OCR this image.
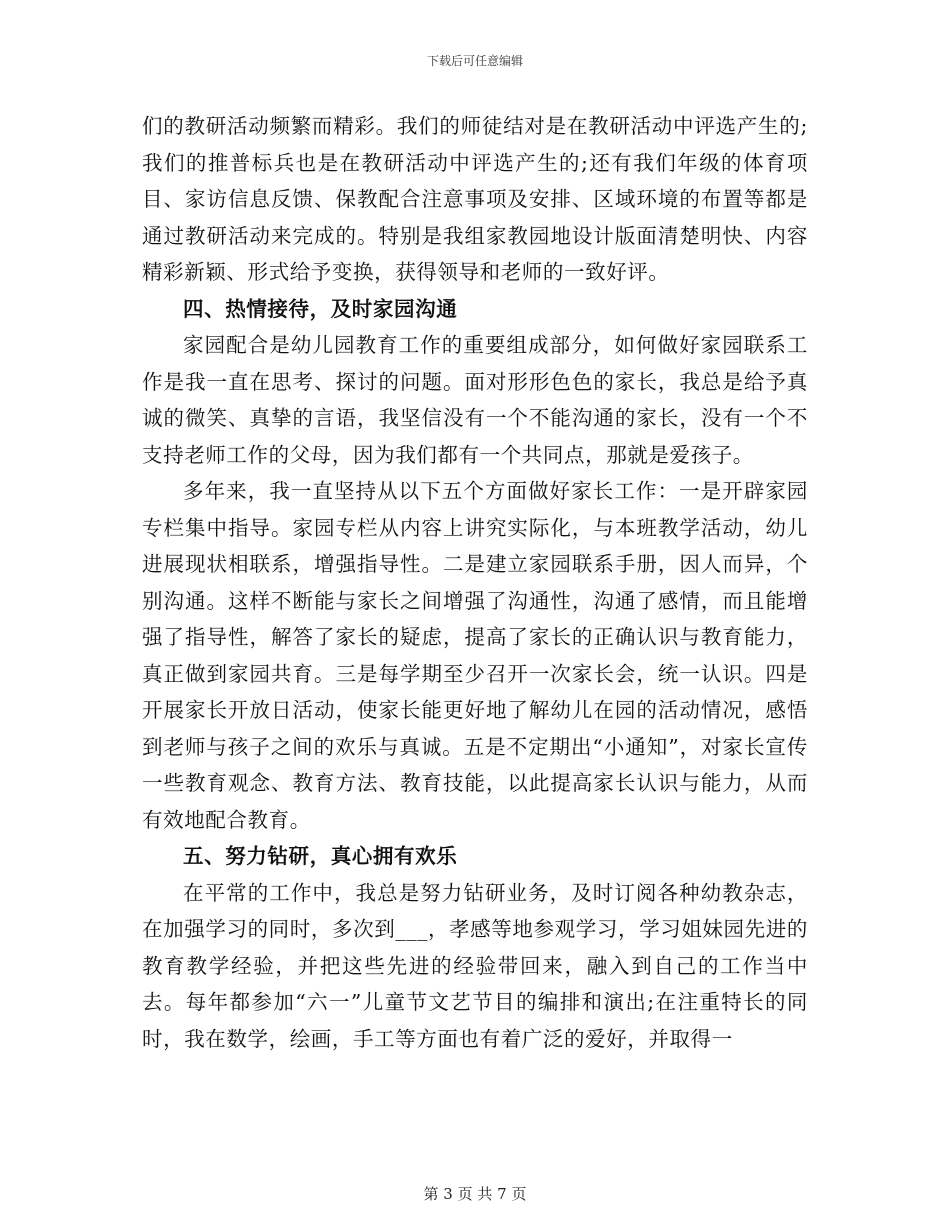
下载后可任意编辑

们的教研活动频繁而精彩。我们的师徒结对是在教研活动中评选产生的;我们的推普标兵也是在教研活动中评选产生的;还有我们年级的体育项目、家访信息反馈、保教配合注意事项及安排、区域环境的布置等都是通过教研活动来完成的。特别是我组家教园地设计版面清楚明快、内容精彩新颖、形式给予变换，获得领导和老师的一致好评。

四、热情接待，及时家园沟通

家园配合是幼儿园教育工作的重要组成部分，如何做好家园联系工作是我一直在思考、探讨的问题。面对形形色色的家长，我总是给予真诚的微笑、真挚的言语，我坚信没有一个不能沟通的家长，没有一个不支持老师工作的父母，因为我们都有一个共同点，那就是爱孩子。

多年来，我一直坚持从以下五个方面做好家长工作：一是开辟家园专栏集中指导。家园专栏从内容上讲究实际化，与本班教学活动，幼儿进展现状相联系，增强指导性。二是建立家园联系手册，因人而异，个别沟通。这样不断能与家长之间增强了沟通性，沟通了感情，而且能增强了指导性，解答了家长的疑虑，提高了家长的正确认识与教育能力，真正做到家园共育。三是每学期至少召开一次家长会，统一认识。四是开展家长开放日活动，使家长能更好地了解幼儿在园的活动情况，感悟到老师与孩子之间的欢乐与真诚。五是不定期出“小通知”，对家长宣传一些教育观念、教育方法、教育技能，以此提高家长认识与能力，从而有效地配合教育。

五、努力钻研，真心拥有欢乐

在平常的工作中，我总是努力钻研业务，及时订阅各种幼教杂志，在加强学习的同时，多次到___，孝感等地参观学习，学习姐妹园先进的教育教学经验，并把这些先进的经验带回来，融入到自己的工作当中去。每年都参加“六一”儿童节文艺节目的编排和演出;在注重特长的同时，我在数学，绘画，手工等方面也有着广泛的爱好，并取得一

第 3 页 共 7 页
